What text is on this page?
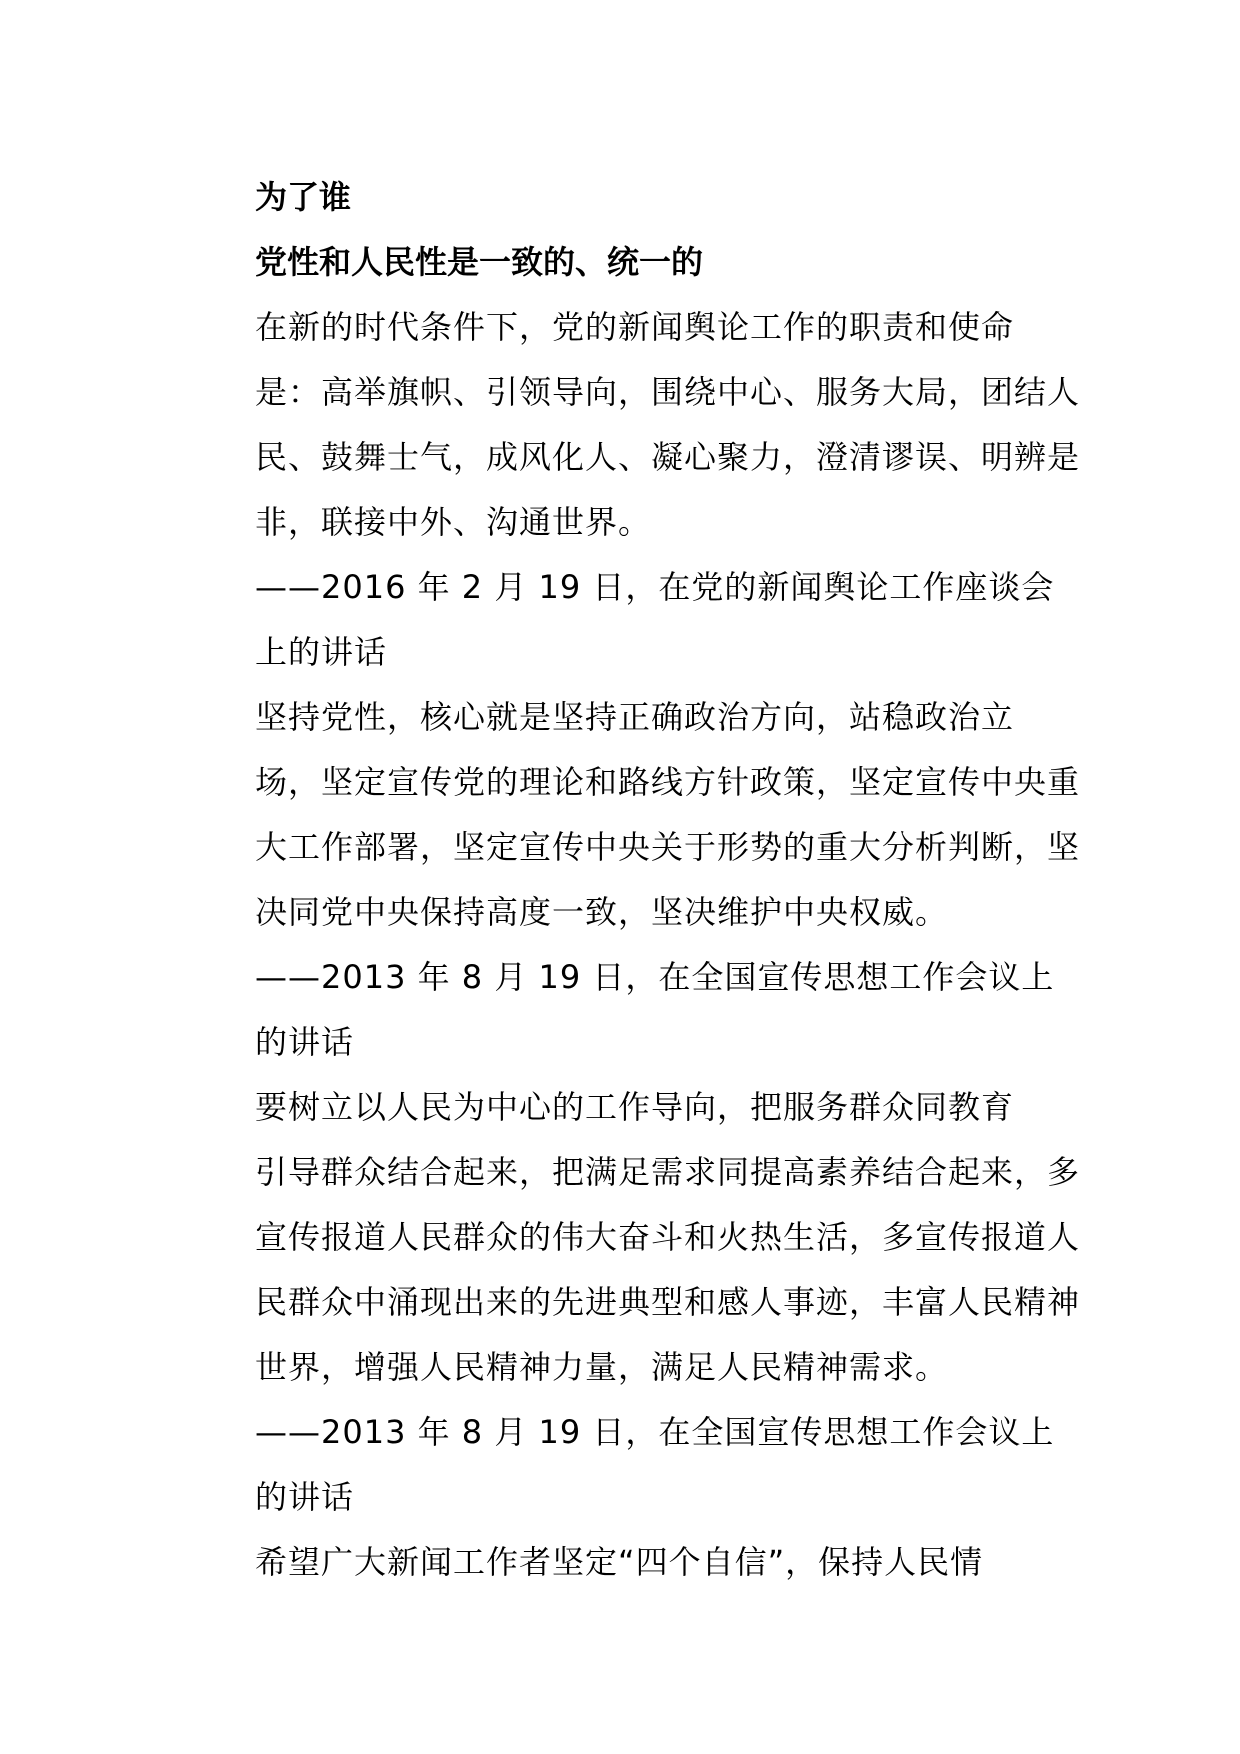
为了谁
党性和人民性是一致的、统一的

在新的时代条件下，党的新闻舆论工作的职责和使命
是：高举旗帜、引领导向，围绕中心、服务大局，团结人
民、鼓舞士气，成风化人、凝心聚力，澄清谬误、明辨是
非，联接中外、沟通世界。

——2016 年 2 月 19 日，在党的新闻舆论工作座谈会
上的讲话

坚持党性，核心就是坚持正确政治方向，站稳政治立
场，坚定宣传党的理论和路线方针政策，坚定宣传中央重
大工作部署，坚定宣传中央关于形势的重大分析判断，坚
决同党中央保持高度一致，坚决维护中央权威。

——2013 年 8 月 19 日，在全国宣传思想工作会议上
的讲话

要树立以人民为中心的工作导向，把服务群众同教育
引导群众结合起来，把满足需求同提高素养结合起来，多
宣传报道人民群众的伟大奋斗和火热生活，多宣传报道人
民群众中涌现出来的先进典型和感人事迹，丰富人民精神
世界，增强人民精神力量，满足人民精神需求。

——2013 年 8 月 19 日，在全国宣传思想工作会议上
的讲话

希望广大新闻工作者坚定“四个自信”，保持人民情
